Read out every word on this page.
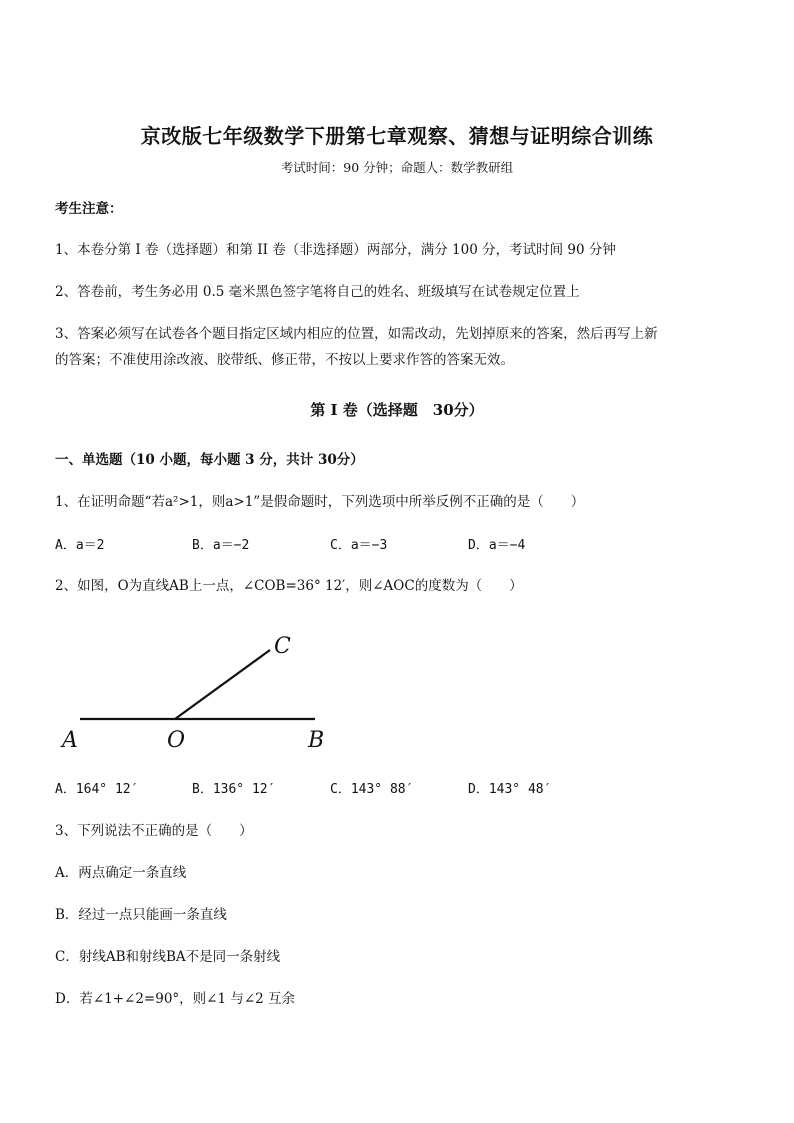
京改版七年级数学下册第七章观察、猜想与证明综合训练
考试时间：90 分钟；命题人：数学教研组
考生注意：
1、本卷分第 I 卷（选择题）和第 II 卷（非选择题）两部分，满分 100 分，考试时间 90 分钟
2、答卷前，考生务必用 0.5 毫米黑色签字笔将自己的姓名、班级填写在试卷规定位置上
3、答案必须写在试卷各个题目指定区域内相应的位置，如需改动，先划掉原来的答案，然后再写上新
的答案；不准使用涂改液、胶带纸、修正带，不按以上要求作答的答案无效。
第 I 卷（选择题　30分）
一、单选题（10 小题，每小题 3 分，共计 30分）
1、在证明命题“若a²>1，则a>1”是假命题时，下列选项中所举反例不正确的是（　　）
A．a＝2	B．a＝−2	C．a＝−3	D．a＝−4
2、如图，O为直线AB上一点，∠COB=36° 12′，则∠AOC的度数为（　　）
A	O	B
C
A．164° 12′	B．136° 12′	C．143° 88′	D．143° 48′
3、下列说法不正确的是（　　）
A．两点确定一条直线
B．经过一点只能画一条直线
C．射线AB和射线BA不是同一条射线
D．若∠1+∠2=90°，则∠1 与∠2 互余
